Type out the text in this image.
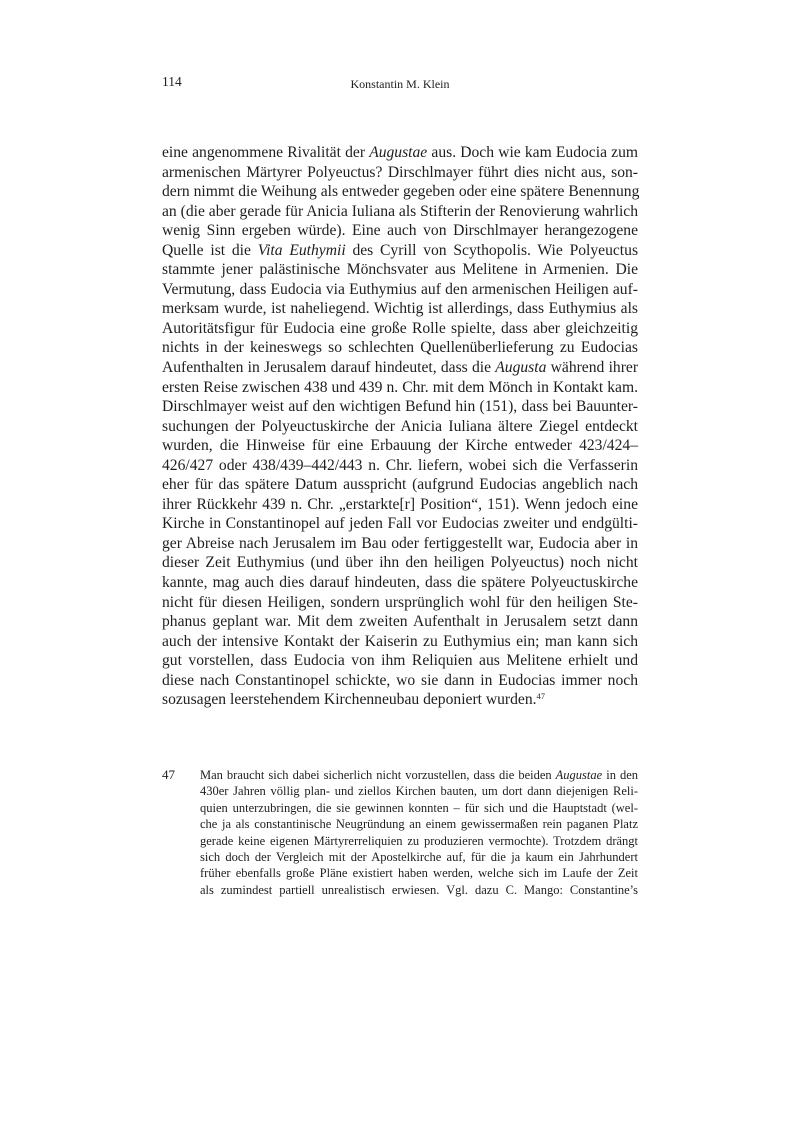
114	Konstantin M. Klein
eine angenommene Rivalität der Augustae aus. Doch wie kam Eudocia zum
armenischen Märtyrer Polyeuctus? Dirschlmayer führt dies nicht aus, son-
dern nimmt die Weihung als entweder gegeben oder eine spätere Benennung
an (die aber gerade für Anicia Iuliana als Stifterin der Renovierung wahrlich
wenig Sinn ergeben würde). Eine auch von Dirschlmayer herangezogene
Quelle ist die Vita Euthymii des Cyrill von Scythopolis. Wie Polyeuctus
stammte jener palästinische Mönchsvater aus Melitene in Armenien. Die
Vermutung, dass Eudocia via Euthymius auf den armenischen Heiligen auf-
merksam wurde, ist naheliegend. Wichtig ist allerdings, dass Euthymius als
Autoritätsfigur für Eudocia eine große Rolle spielte, dass aber gleichzeitig
nichts in der keineswegs so schlechten Quellenüberlieferung zu Eudocias
Aufenthalten in Jerusalem darauf hindeutet, dass die Augusta während ihrer
ersten Reise zwischen 438 und 439 n. Chr. mit dem Mönch in Kontakt kam.
Dirschlmayer weist auf den wichtigen Befund hin (151), dass bei Bauunter-
suchungen der Polyeuctuskirche der Anicia Iuliana ältere Ziegel entdeckt
wurden, die Hinweise für eine Erbauung der Kirche entweder 423/424–
426/427 oder 438/439–442/443 n. Chr. liefern, wobei sich die Verfasserin
eher für das spätere Datum ausspricht (aufgrund Eudocias angeblich nach
ihrer Rückkehr 439 n. Chr. „erstarkte[r] Position“, 151). Wenn jedoch eine
Kirche in Constantinopel auf jeden Fall vor Eudocias zweiter und endgülti-
ger Abreise nach Jerusalem im Bau oder fertiggestellt war, Eudocia aber in
dieser Zeit Euthymius (und über ihn den heiligen Polyeuctus) noch nicht
kannte, mag auch dies darauf hindeuten, dass die spätere Polyeuctuskirche
nicht für diesen Heiligen, sondern ursprünglich wohl für den heiligen Ste-
phanus geplant war. Mit dem zweiten Aufenthalt in Jerusalem setzt dann
auch der intensive Kontakt der Kaiserin zu Euthymius ein; man kann sich
gut vorstellen, dass Eudocia von ihm Reliquien aus Melitene erhielt und
diese nach Constantinopel schickte, wo sie dann in Eudocias immer noch
sozusagen leerstehendem Kirchenneubau deponiert wurden.$^{47}$
47 Man braucht sich dabei sicherlich nicht vorzustellen, dass die beiden Augustae in den
430er Jahren völlig plan- und ziellos Kirchen bauten, um dort dann diejenigen Reli-
quien unterzubringen, die sie gewinnen konnten – für sich und die Hauptstadt (wel-
che ja als constantinische Neugründung an einem gewissermaßen rein paganen Platz
gerade keine eigenen Märtyrerreliquien zu produzieren vermochte). Trotzdem drängt
sich doch der Vergleich mit der Apostelkirche auf, für die ja kaum ein Jahrhundert
früher ebenfalls große Pläne existiert haben werden, welche sich im Laufe der Zeit
als zumindest partiell unrealistisch erwiesen. Vgl. dazu C. Mango: Constantine’s
